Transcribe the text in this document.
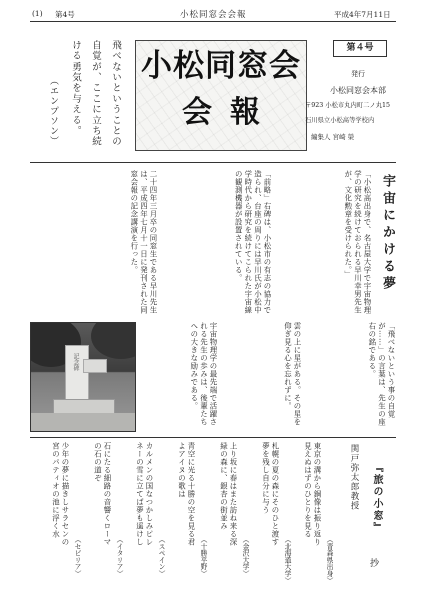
(1) 第4号	小松同窓会会報	平成4年7月11日
小松同窓会
会報
第４号
発行
小松同窓会本部
〒923 小松市丸内町二ノ丸15
石川県立小松高等学校内
編集人 宮崎 榮
飛べないということの
自覚が、ここに立ち続
ける勇気を与える。
（エンプソン）
宇宙にかける夢
「小松高出身で、名古屋大学で宇宙物理学の研究を続けておられる早川幸男先生が、文化勲章を受けられた。」
「前略」右碑は、小松市の有志の協力で造られ、台座の周りには早川氏が小松中学時代から研究を続けてこられた宇宙線の観測機器が設置されている。
二十四年三月卒の同窓生である早川先生は、平成四年七月十一日に発刊された同窓会報の記念講演を行った。
「飛べないという事の自覚が……」の言葉は、先生の座右の銘である。
雲の上に星がある。その星を仰ぎ見る心を忘れずに。
宇宙物理学の最先端で活躍される先生の歩みは、後輩たちへの大きな励みである。
記念碑
関戸弥太郎教授 『旅の小窓』
抄
東京の溝から銅像は振り返り見えぬはずのひとりを見る
（青森県出身）
札幌の夏の森にそのひと渡す夢を残し自分に与う
（北海道大学）
上り坂に春はまた訪ね来る深緑の森に、銀杏の街並み
（金沢大学）
青空に光る十勝の空を見る君よアイヌの歌は
（十勝平野）
カルメンの国なつかしみピレネーの雪に立てば夢も遥けし
（スペイン）
石にたる細路の音響くローマの石の道ぞ
（イタリア）
少年の夢に描きしサラセンの宮のパティオの池に浮く水
（セビリア）
